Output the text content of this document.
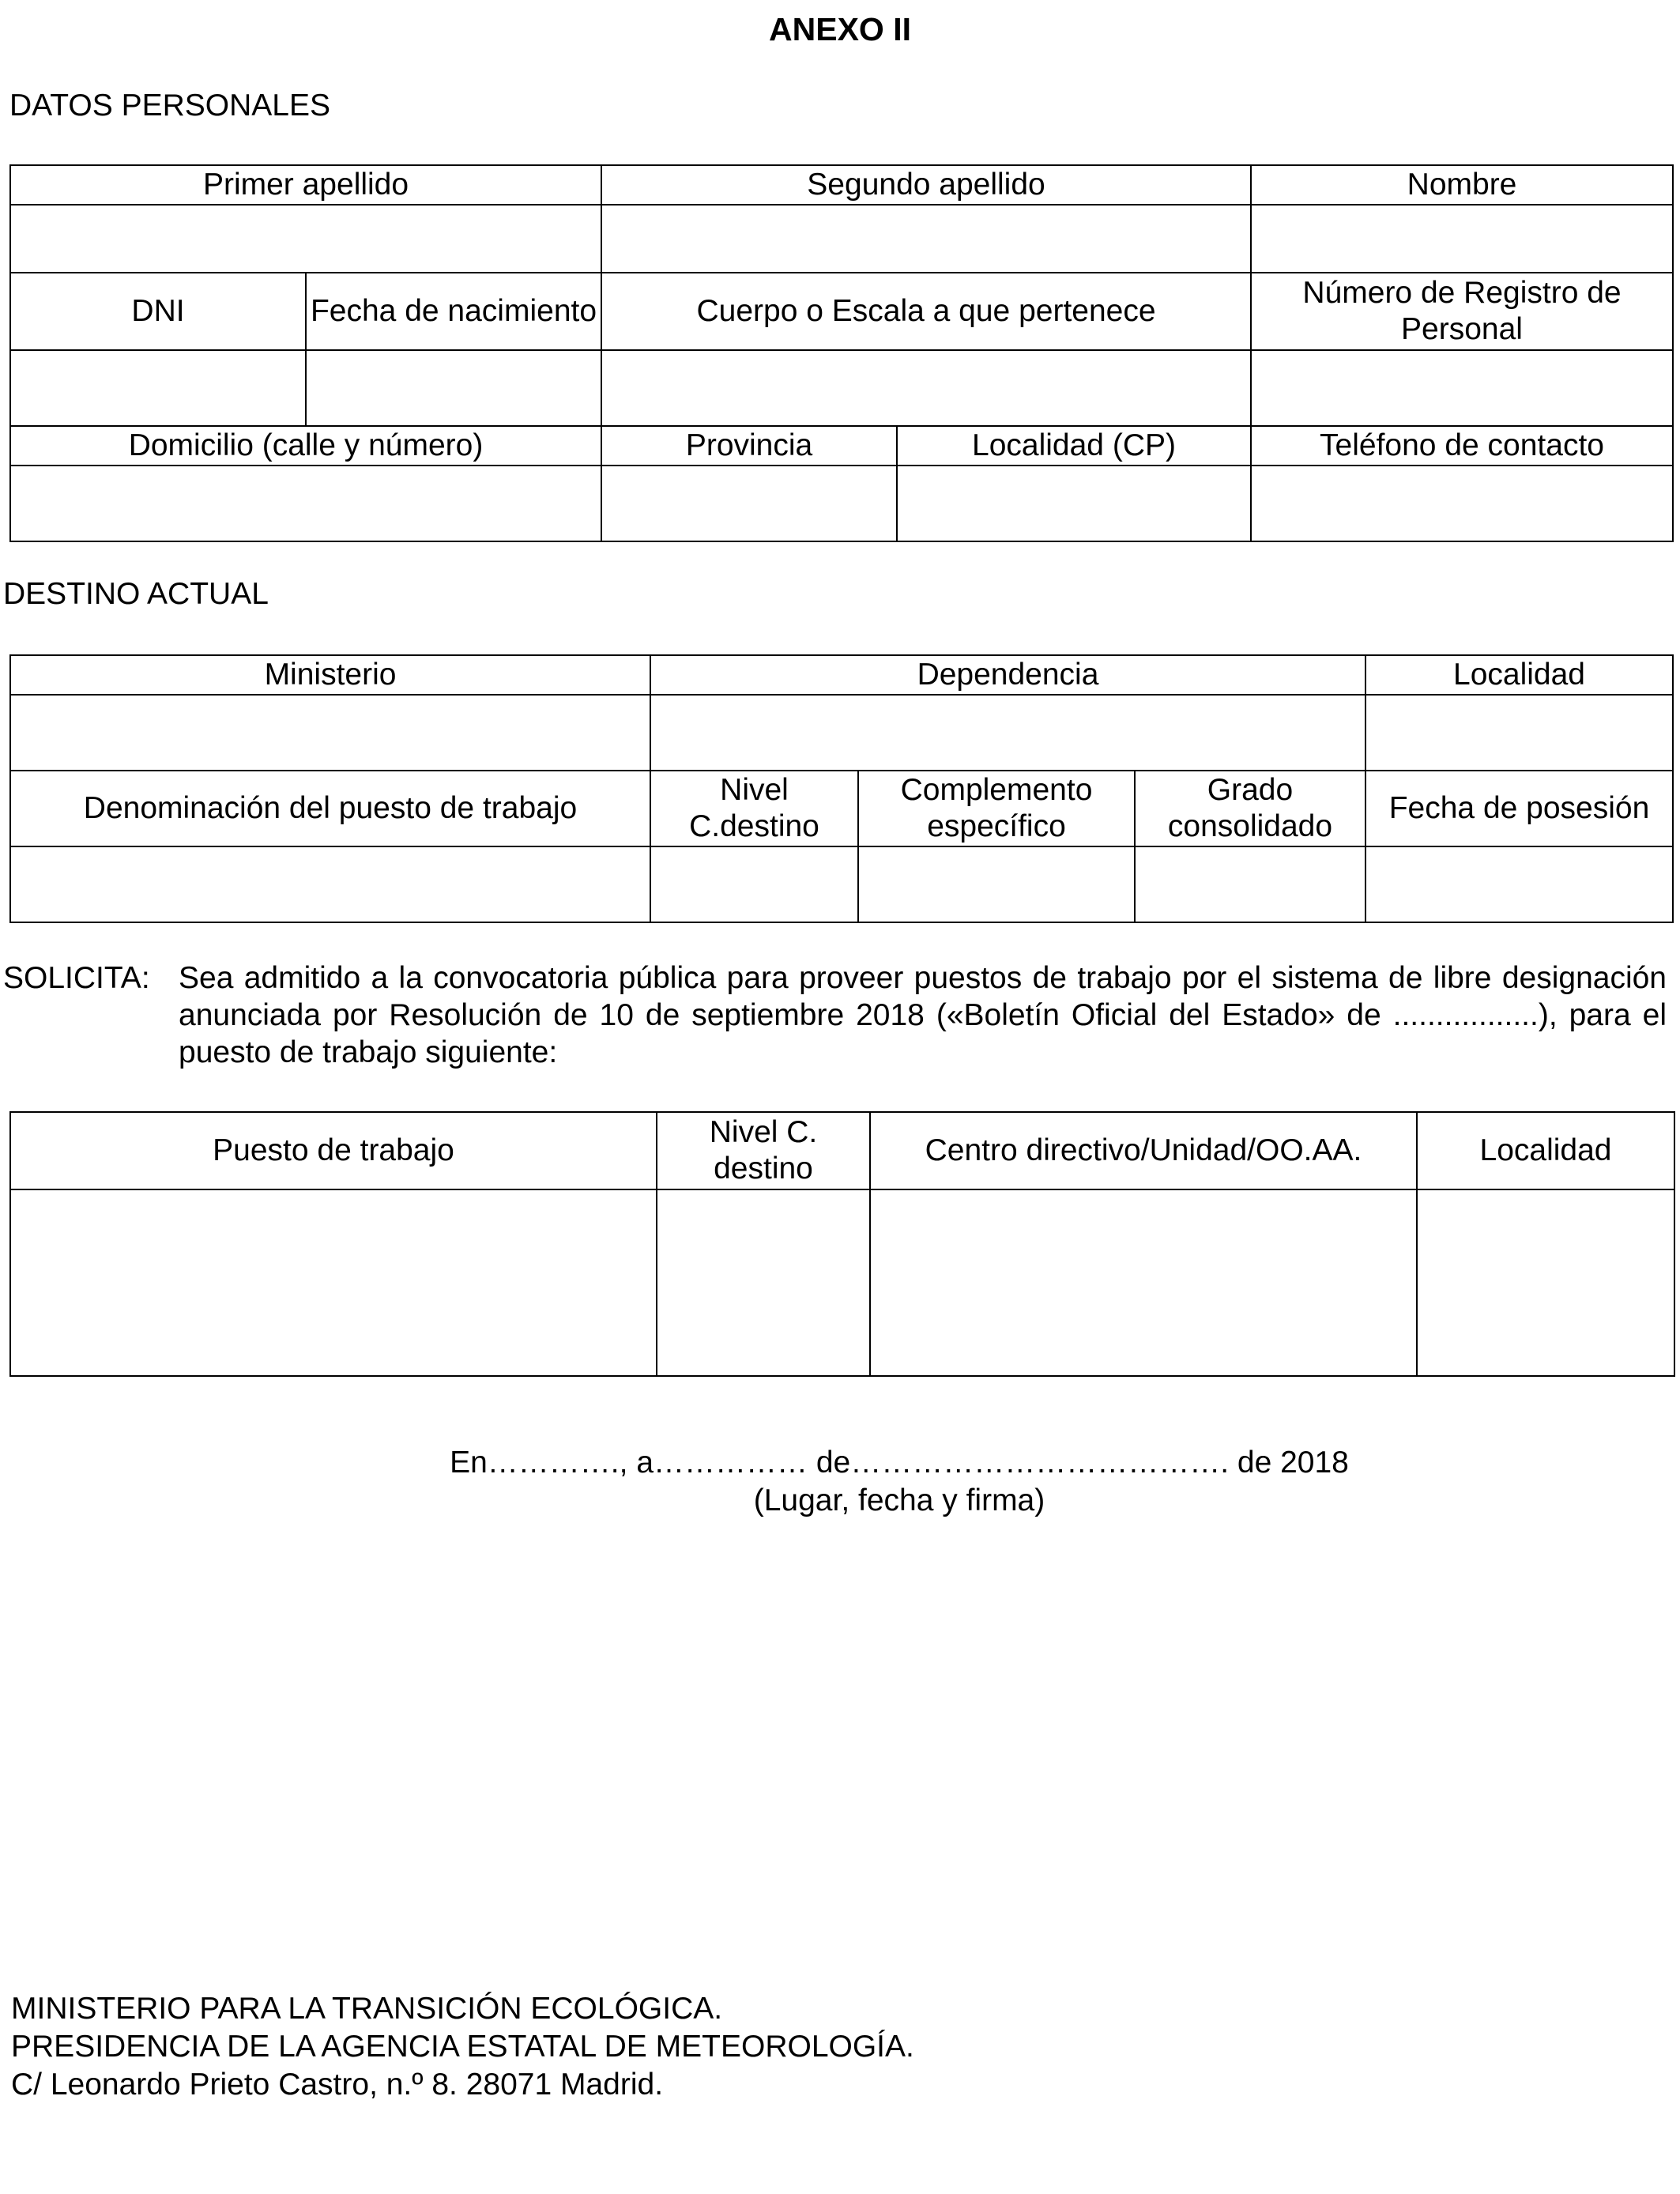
ANEXO II
DATOS PERSONALES
Primer apellido		Segundo apellido		Nombre

DNI	Fecha de nacimiento	Cuerpo o Escala a que pertenece		Número de Registro de Personal

Domicilio (calle y número)		Provincia	Localidad (CP)	Teléfono de contacto

DESTINO ACTUAL
Ministerio	Dependencia			Localidad

Denominación del puesto de trabajo	Nivel C.destino	Complemento específico	Grado consolidado	Fecha de posesión

SOLICITA: Sea admitido a la convocatoria pública para proveer puestos de trabajo por el sistema de libre designación anunciada por Resolución de 10 de septiembre 2018 («Boletín Oficial del Estado» de .................), para el puesto de trabajo siguiente:
Puesto de trabajo	Nivel C. destino	Centro directivo/Unidad/OO.AA.	Localidad

En…………., a…………… de………………………………. de 2018
(Lugar, fecha y firma)
MINISTERIO PARA LA TRANSICIÓN ECOLÓGICA.
PRESIDENCIA DE LA AGENCIA ESTATAL DE METEOROLOGÍA.
C/ Leonardo Prieto Castro, n.º 8. 28071 Madrid.
